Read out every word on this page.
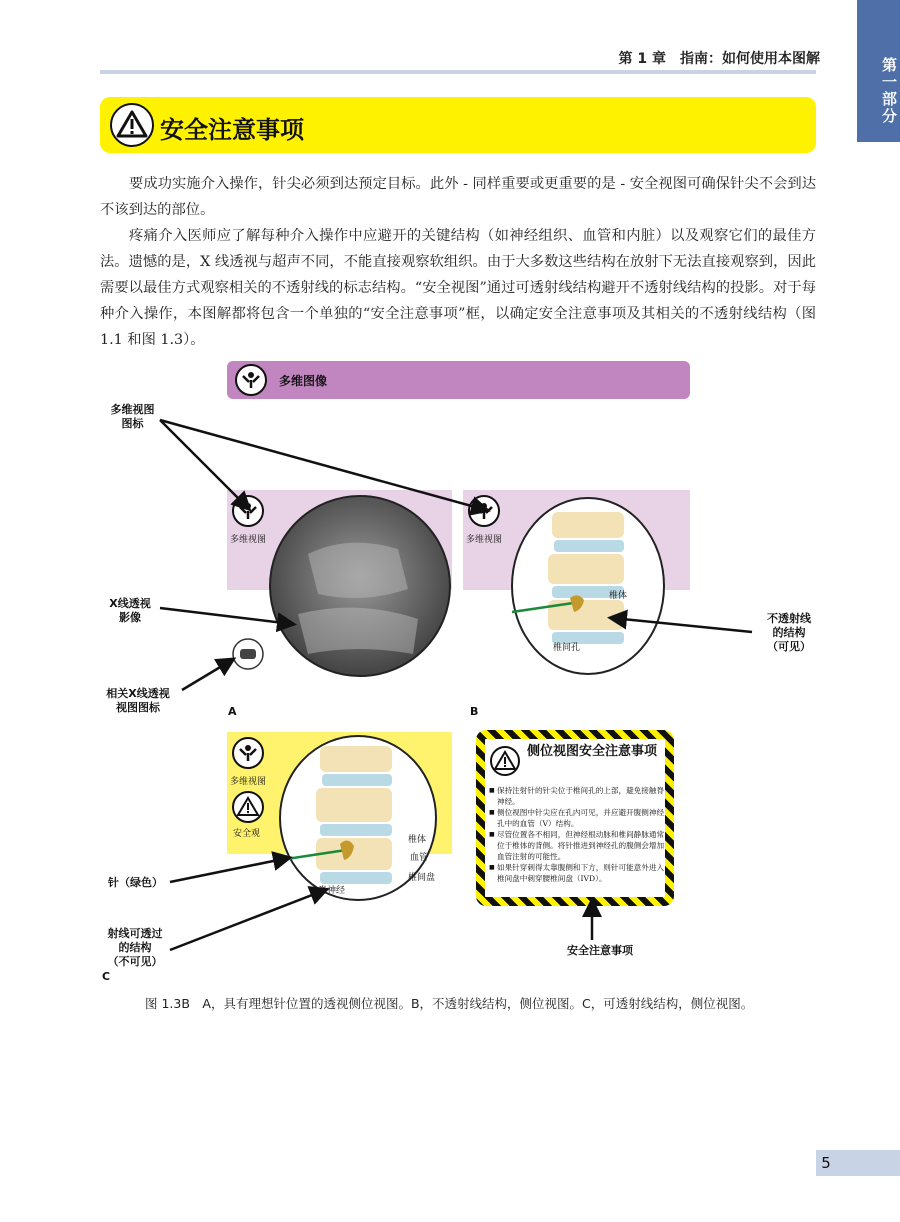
第一部分
第 1 章　指南：如何使用本图解
安全注意事项

要成功实施介入操作，针尖必须到达预定目标。此外 - 同样重要或更重要的是 - 安全视图可确保针尖不会到达不该到达的部位。

疼痛介入医师应了解每种介入操作中应避开的关键结构（如神经组织、血管和内脏）以及观察它们的最佳方法。遗憾的是，X 线透视与超声不同，不能直接观察软组织。由于大多数这些结构在放射下无法直接观察到，因此需要以最佳方式观察相关的不透射线的标志结构。“安全视图”通过可透射线结构避开不透射线结构的投影。对于每种介入操作，本图解都将包含一个单独的“安全注意事项”框，以确定安全注意事项及其相关的不透射线结构（图 1.1 和图 1.3）。

多维图像
多维视图
A
多维视图
椎体
椎间孔
B
多维视图
安全观
椎体
血管
椎间盘
脊神经
C
侧位视图安全注意事项
■ 保持注射针的针尖位于椎间孔的上部，避免接触脊神经。
■ 侧位视图中针尖应在孔内可见，并应避开腹侧神经孔中的血管（V）结构。
■ 尽管位置各不相同，但神经根动脉和椎间静脉通常位于椎体的背侧。将针推进到神经孔的腹侧会增加血管注射的可能性。
■ 如果针穿刺得太靠腹侧和下方，则针可能意外进入椎间盘中刺穿腰椎间盘（IVD）。
多维视图
图标
X线透视
影像
相关X线透视
视图图标
不透射线
的结构
（可见）
针（绿色）
射线可透过
的结构
（不可见）
安全注意事项
图 1.3B　A，具有理想针位置的透视侧位视图。B，不透射线结构，侧位视图。C，可透射线结构，侧位视图。
5
